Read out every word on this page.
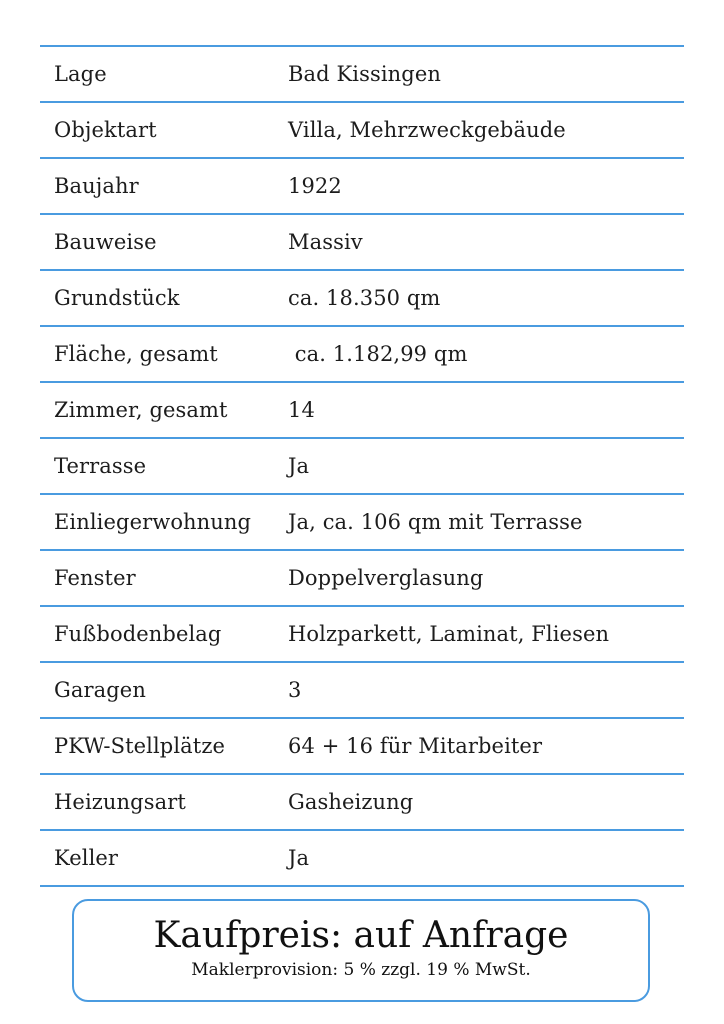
Lage	Bad Kissingen
Objektart	Villa, Mehrzweckgebäude
Baujahr	1922
Bauweise	Massiv
Grundstück	ca. 18.350 qm
Fläche, gesamt	ca. 1.182,99 qm
Zimmer, gesamt	14
Terrasse	Ja
Einliegerwohnung	Ja, ca. 106 qm mit Terrasse
Fenster	Doppelverglasung
Fußbodenbelag	Holzparkett, Laminat, Fliesen
Garagen	3
PKW-Stellplätze	64 + 16 für Mitarbeiter
Heizungsart	Gasheizung
Keller	Ja
Kaufpreis: auf Anfrage
Maklerprovision: 5 % zzgl. 19 % MwSt.
